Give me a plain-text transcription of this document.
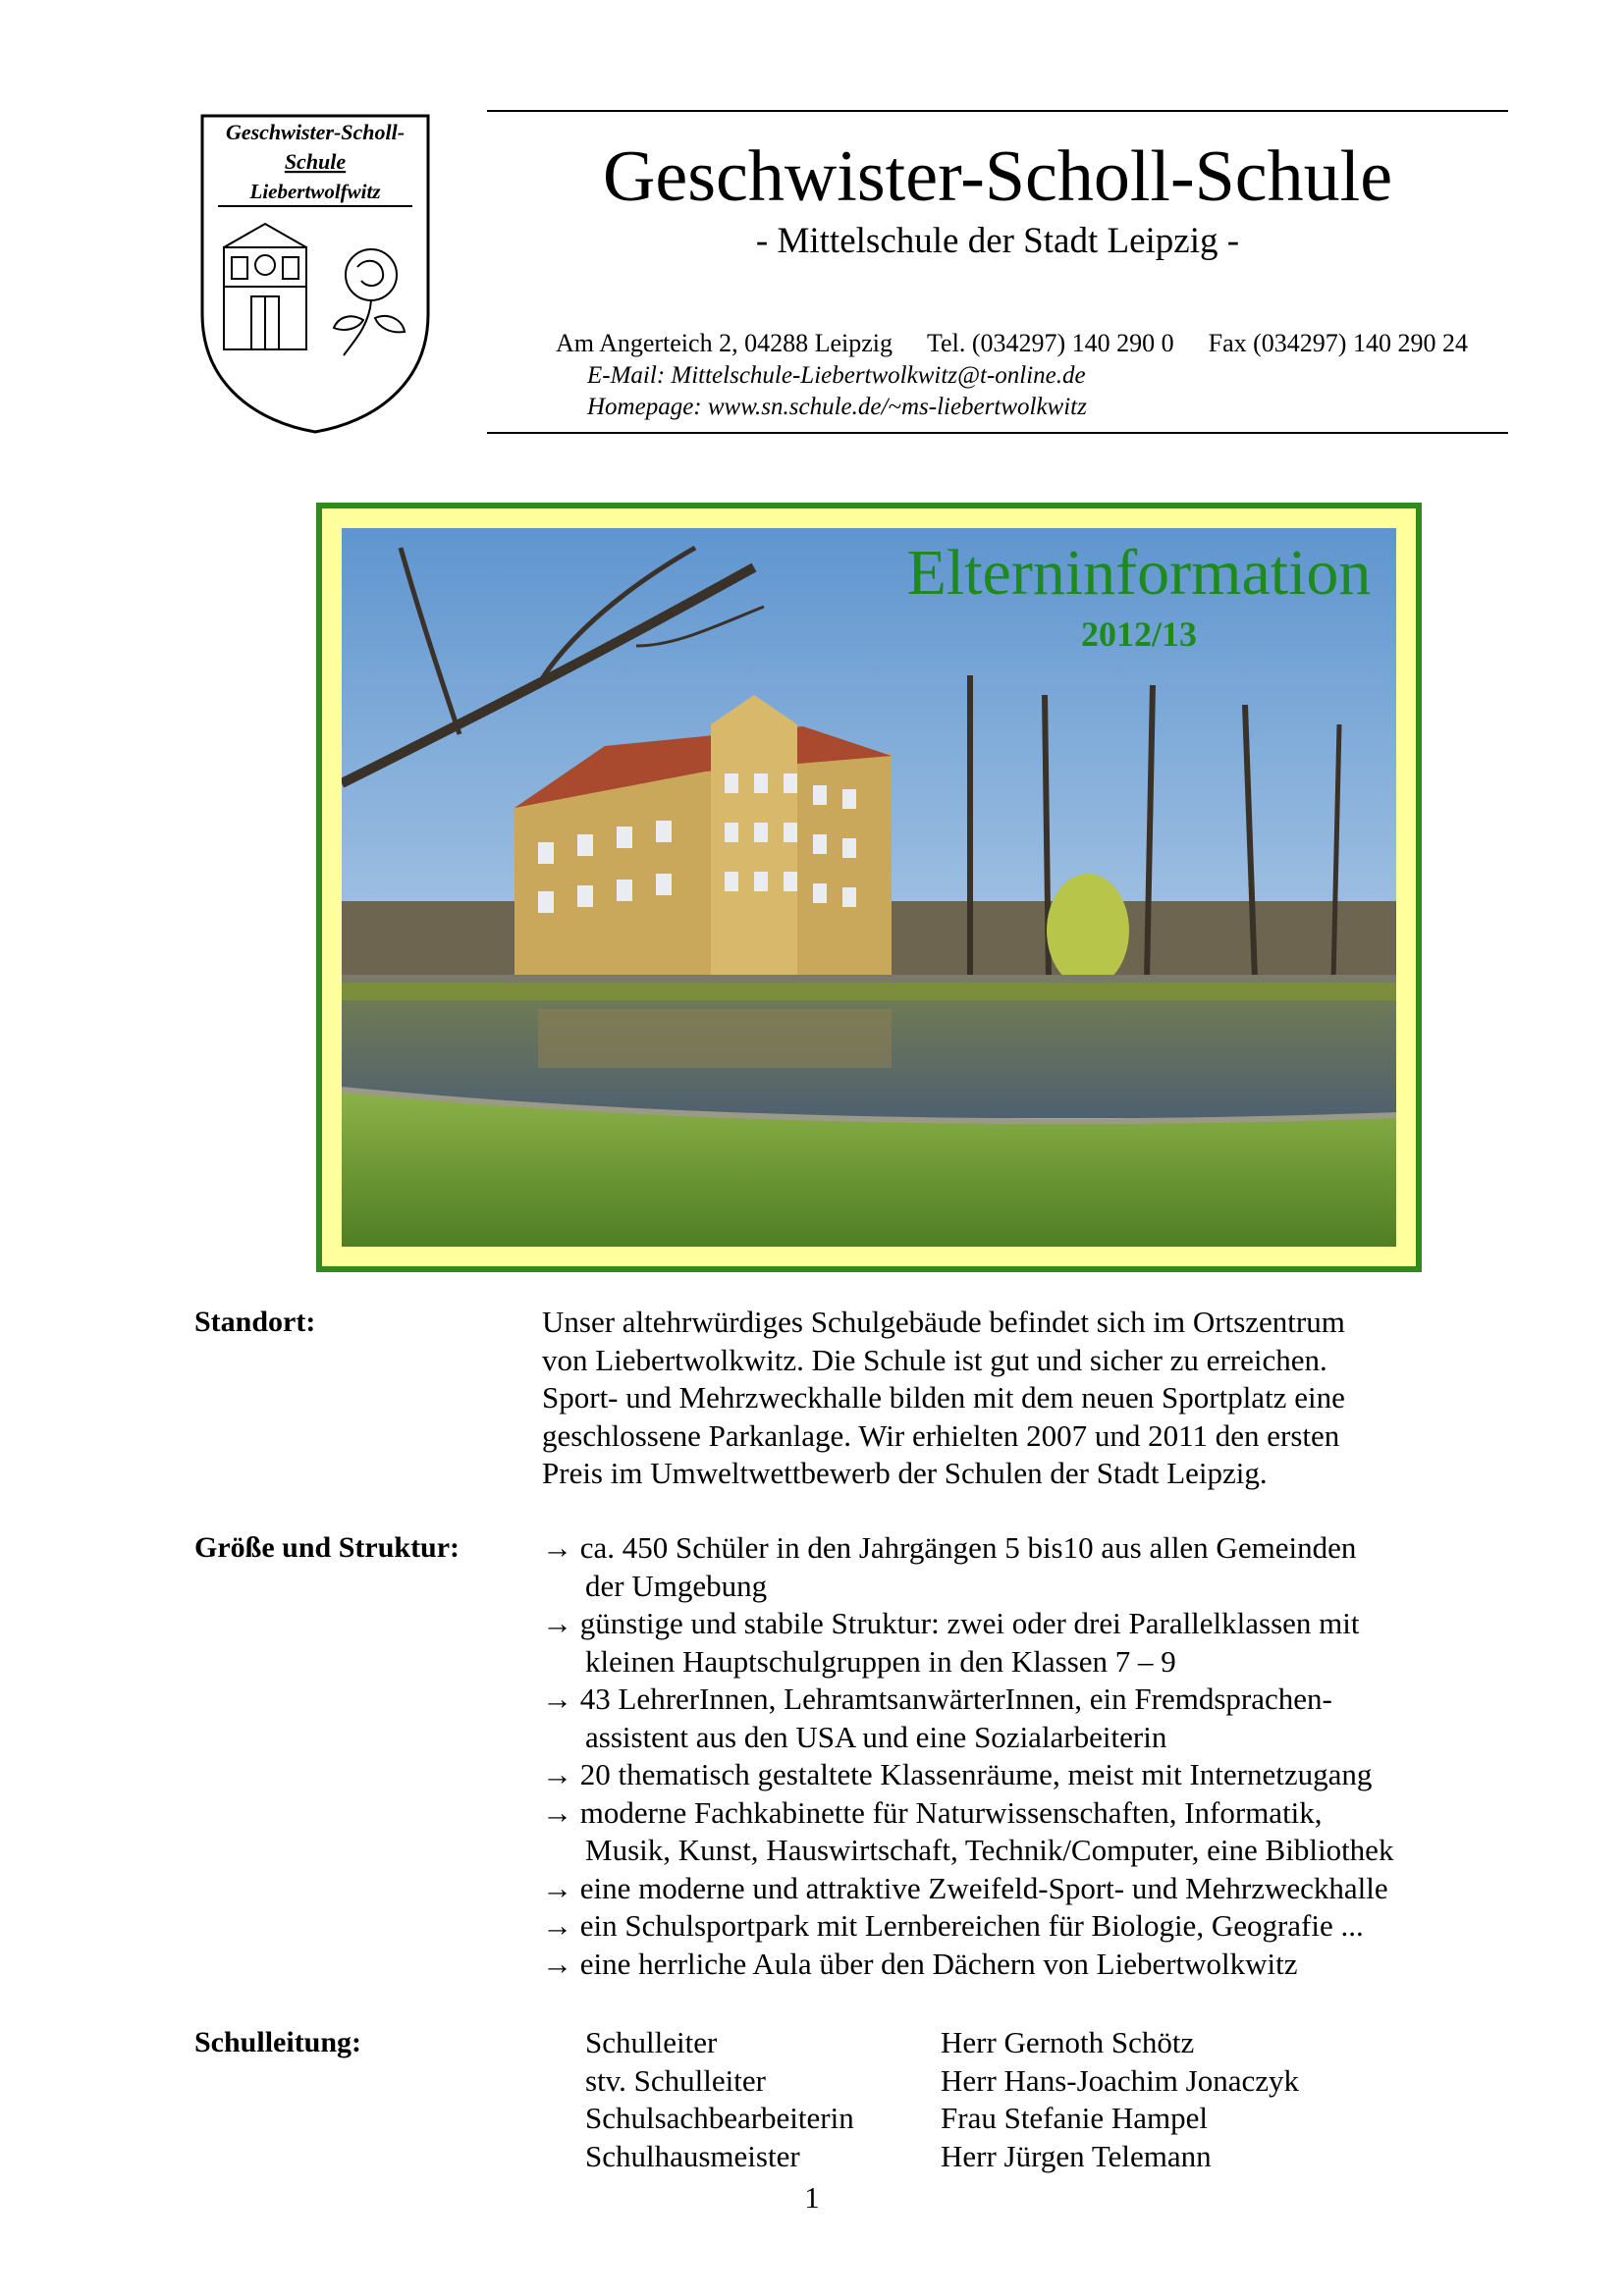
Geschwister-Scholl-
Schule
Liebertwolfwitz	Geschwister-Scholl-Schule
- Mittelschule der Stadt Leipzig -
Am Angerteich 2, 04288 Leipzig Tel. (034297) 140 290 0 Fax (034297) 140 290 24
E-Mail: Mittelschule-Liebertwolkwitz@t-online.de
Homepage: www.sn.schule.de/~ms-liebertwolkwitz
Elterninformation
2012/13
Standort:	Unser altehrwürdiges Schulgebäude befindet sich im Ortszentrum
von Liebertwolkwitz. Die Schule ist gut und sicher zu erreichen.
Sport- und Mehrzweckhalle bilden mit dem neuen Sportplatz eine
geschlossene Parkanlage. Wir erhielten 2007 und 2011 den ersten
Preis im Umweltwettbewerb der Schulen der Stadt Leipzig.
Größe und Struktur:	→ ca. 450 Schüler in den Jahrgängen 5 bis10 aus allen Gemeinden
der Umgebung
→ günstige und stabile Struktur: zwei oder drei Parallelklassen mit
kleinen Hauptschulgruppen in den Klassen 7 – 9
→ 43 LehrerInnen, LehramtsanwärterInnen, ein Fremdsprachen-
assistent aus den USA und eine Sozialarbeiterin
→ 20 thematisch gestaltete Klassenräume, meist mit Internetzugang
→ moderne Fachkabinette für Naturwissenschaften, Informatik,
Musik, Kunst, Hauswirtschaft, Technik/Computer, eine Bibliothek
→ eine moderne und attraktive Zweifeld-Sport- und Mehrzweckhalle
→ ein Schulsportpark mit Lernbereichen für Biologie, Geografie ...
→ eine herrliche Aula über den Dächern von Liebertwolkwitz
Schulleitung:	Schulleiter	Herr Gernoth Schötz
stv. Schulleiter	Herr Hans-Joachim Jonaczyk
Schulsachbearbeiterin	Frau Stefanie Hampel
Schulhausmeister	Herr Jürgen Telemann
1
